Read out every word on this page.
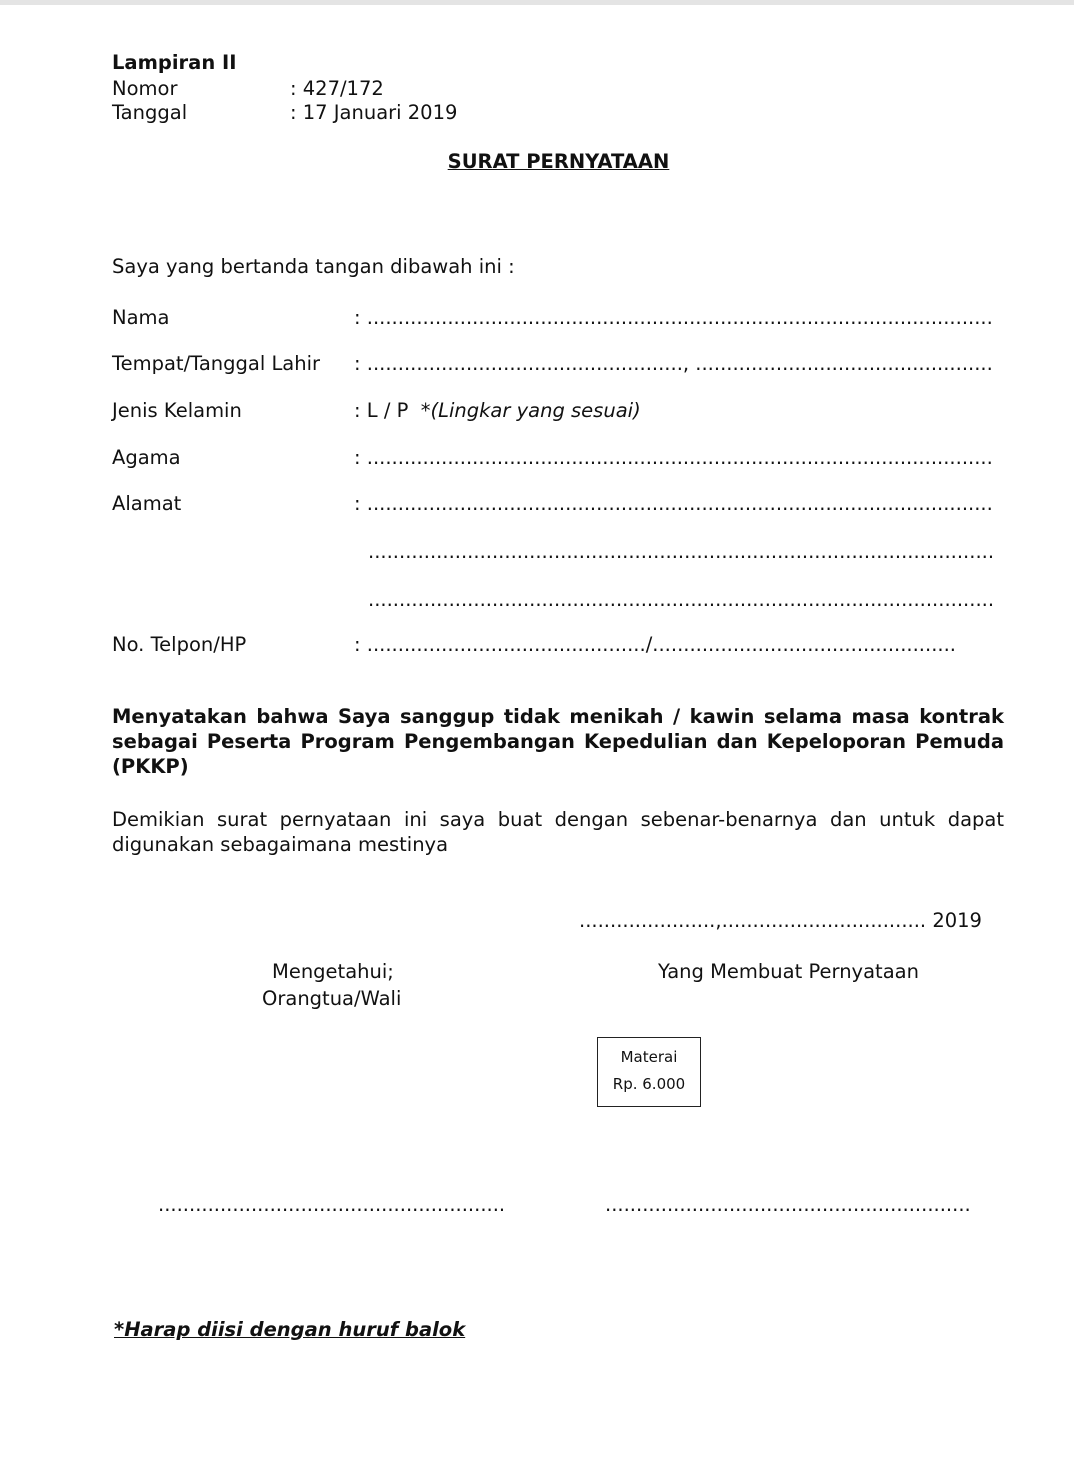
Lampiran II
Nomor	: 427/172
Tanggal	: 17 Januari 2019
SURAT PERNYATAAN
Saya yang bertanda tangan dibawah ini :
Nama	: .....................................................................................................
Tempat/Tanggal Lahir : ..................................................., ................................................
Jenis Kelamin	: L / P *(Lingkar yang sesuai)
Agama	: .....................................................................................................
Alamat	: .....................................................................................................
.....................................................................................................
.....................................................................................................
No. Telpon/HP	: ............................................./.................................................
Menyatakan bahwa Saya sanggup tidak menikah / kawin selama masa kontrak sebagai Peserta Program Pengembangan Kepedulian dan Kepeloporan Pemuda (PKKP)
Demikian surat pernyataan ini saya buat dengan sebenar-benarnya dan untuk dapat digunakan sebagaimana mestinya
......................,................................. 2019
Mengetahui;
Orangtua/Wali
Yang Membuat Pernyataan
Materai
Rp. 6.000
........................................................	...........................................................
*Harap diisi dengan huruf balok
